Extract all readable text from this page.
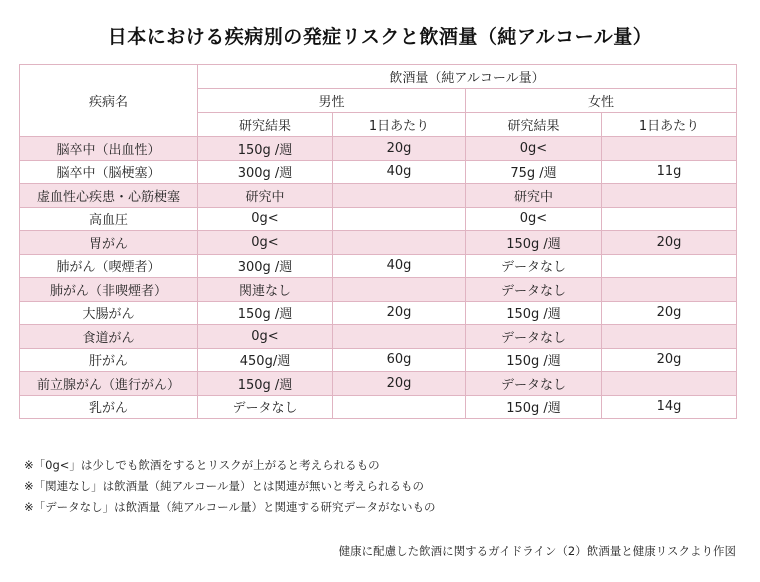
日本における疾病別の発症リスクと飲酒量（純アルコール量）
疾病名	飲酒量（純アルコール量）			
	男性		女性	
	研究結果	1日あたり	研究結果	1日あたり
脳卒中（出血性）	150g /週	20g	0g<	
脳卒中（脳梗塞）	300g /週	40g	75g /週	11g
虚血性心疾患・心筋梗塞	研究中		研究中	
高血圧	0g<		0g<	
胃がん	0g<		150g /週	20g
肺がん（喫煙者）	300g /週	40g	データなし	
肺がん（非喫煙者）	関連なし		データなし	
大腸がん	150g /週	20g	150g /週	20g
食道がん	0g<		データなし	
肝がん	450g/週	60g	150g /週	20g
前立腺がん（進行がん）	150g /週	20g	データなし	
乳がん	データなし		150g /週	14g
※「0g<」は少しでも飲酒をするとリスクが上がると考えられるもの
※「関連なし」は飲酒量（純アルコール量）とは関連が無いと考えられるもの
※「データなし」は飲酒量（純アルコール量）と関連する研究データがないもの
健康に配慮した飲酒に関するガイドライン（2）飲酒量と健康リスクより作図
